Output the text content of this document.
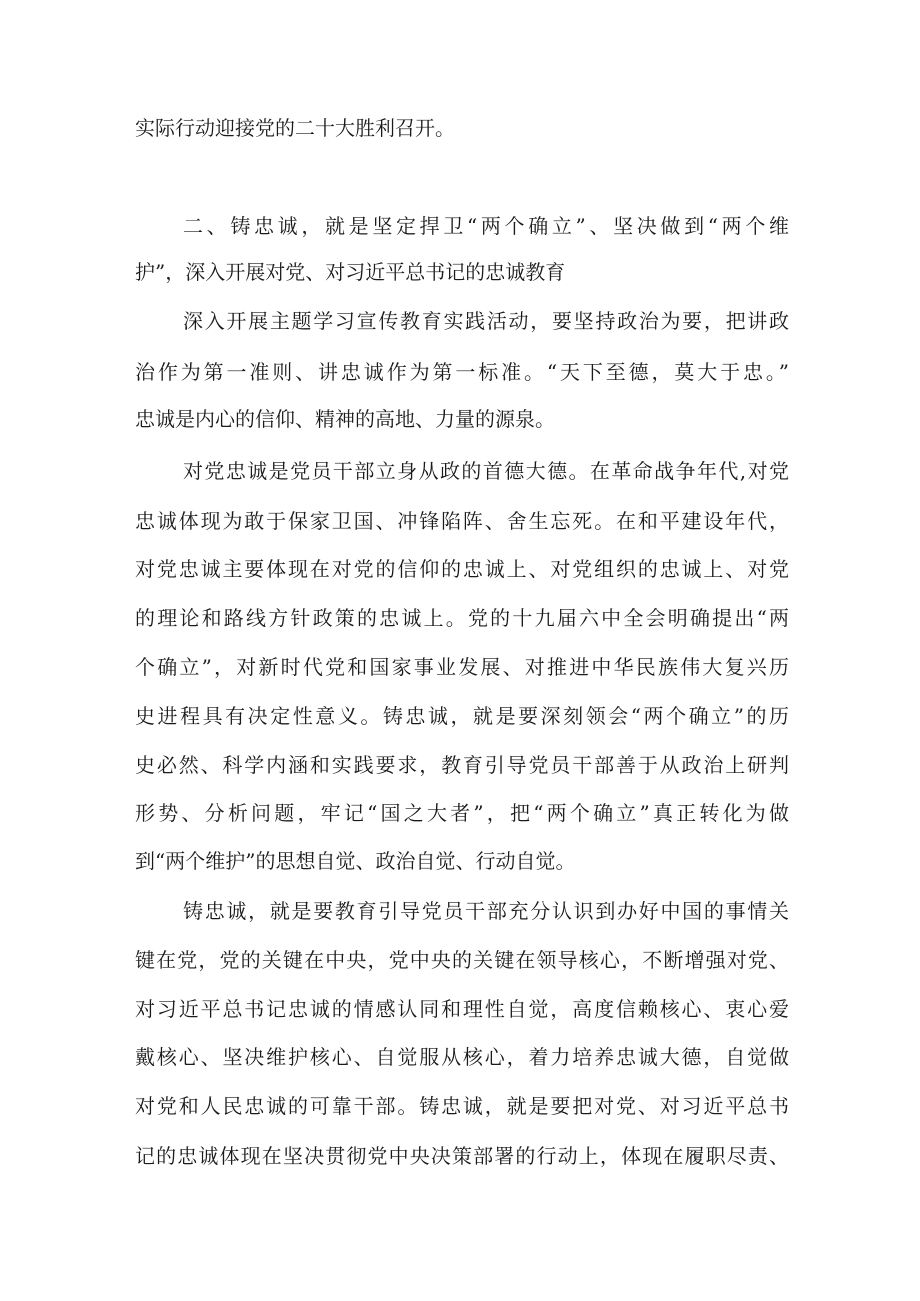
实际行动迎接党的二十大胜利召开。
二、铸忠诚，就是坚定捍卫“两个确立”、坚决做到“两个维
护”，深入开展对党、对习近平总书记的忠诚教育
深入开展主题学习宣传教育实践活动，要坚持政治为要，把讲政
治作为第一准则、讲忠诚作为第一标准。“天下至德，莫大于忠。”
忠诚是内心的信仰、精神的高地、力量的源泉。
对党忠诚是党员干部立身从政的首德大德。在革命战争年代,对党
忠诚体现为敢于保家卫国、冲锋陷阵、舍生忘死。在和平建设年代，
对党忠诚主要体现在对党的信仰的忠诚上、对党组织的忠诚上、对党
的理论和路线方针政策的忠诚上。党的十九届六中全会明确提出“两
个确立”，对新时代党和国家事业发展、对推进中华民族伟大复兴历
史进程具有决定性意义。铸忠诚，就是要深刻领会“两个确立”的历
史必然、科学内涵和实践要求，教育引导党员干部善于从政治上研判
形势、分析问题，牢记“国之大者”，把“两个确立”真正转化为做
到“两个维护”的思想自觉、政治自觉、行动自觉。
铸忠诚，就是要教育引导党员干部充分认识到办好中国的事情关
键在党，党的关键在中央，党中央的关键在领导核心，不断增强对党、
对习近平总书记忠诚的情感认同和理性自觉，高度信赖核心、衷心爱
戴核心、坚决维护核心、自觉服从核心，着力培养忠诚大德，自觉做
对党和人民忠诚的可靠干部。铸忠诚，就是要把对党、对习近平总书
记的忠诚体现在坚决贯彻党中央决策部署的行动上，体现在履职尽责、
